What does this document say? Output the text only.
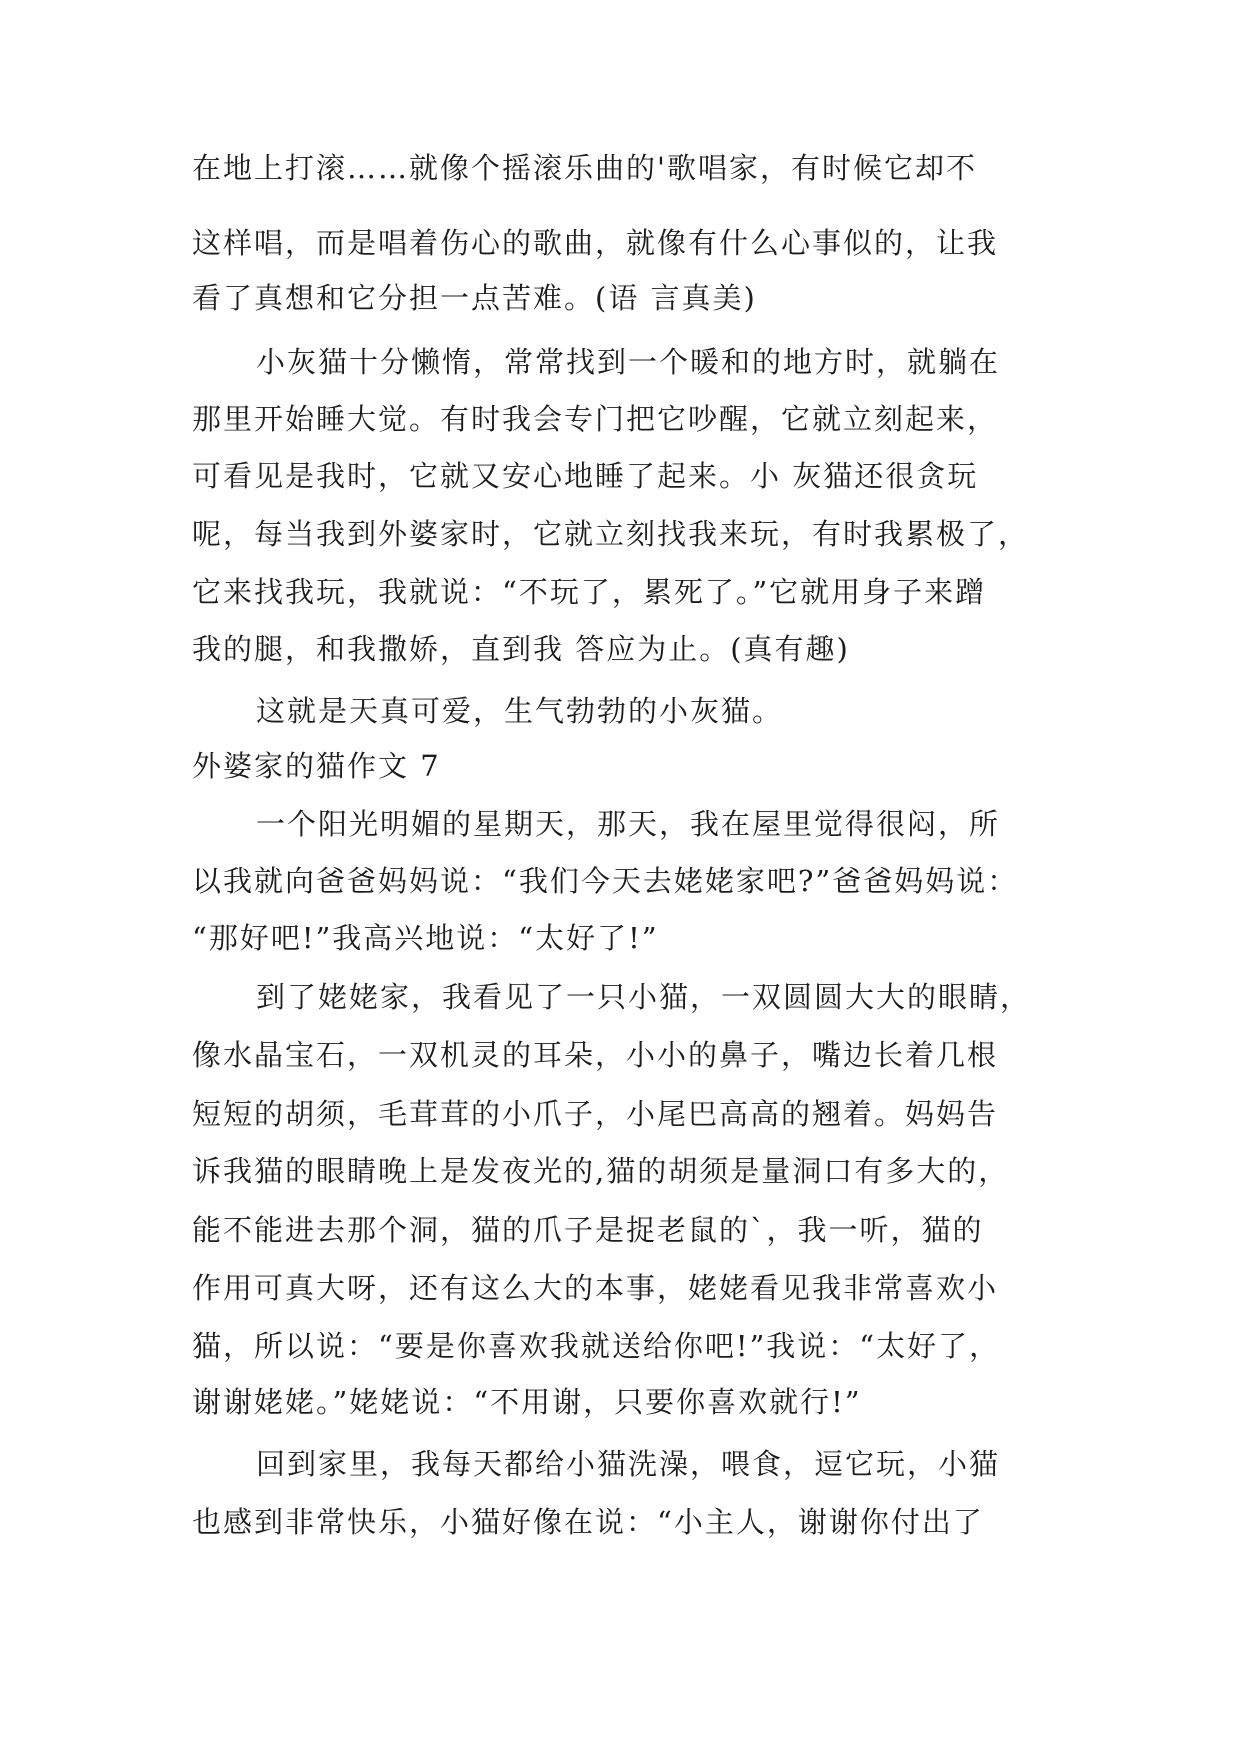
在地上打滚……就像个摇滚乐曲的'歌唱家，有时候它却不
这样唱，而是唱着伤心的歌曲，就像有什么心事似的，让我
看了真想和它分担一点苦难。(语 言真美)
小灰猫十分懒惰，常常找到一个暖和的地方时，就躺在
那里开始睡大觉。有时我会专门把它吵醒，它就立刻起来，
可看见是我时，它就又安心地睡了起来。小 灰猫还很贪玩
呢，每当我到外婆家时，它就立刻找我来玩，有时我累极了，
它来找我玩，我就说：“不玩了，累死了。”它就用身子来蹭
我的腿，和我撒娇，直到我 答应为止。(真有趣)
这就是天真可爱，生气勃勃的小灰猫。
外婆家的猫作文 7
一个阳光明媚的星期天，那天，我在屋里觉得很闷，所
以我就向爸爸妈妈说：“我们今天去姥姥家吧?”爸爸妈妈说：
“那好吧!”我高兴地说：“太好了!”
到了姥姥家，我看见了一只小猫，一双圆圆大大的眼睛，
像水晶宝石，一双机灵的耳朵，小小的鼻子，嘴边长着几根
短短的胡须，毛茸茸的小爪子，小尾巴高高的翘着。妈妈告
诉我猫的眼睛晚上是发夜光的,猫的胡须是量洞口有多大的，
能不能进去那个洞，猫的爪子是捉老鼠的`，我一听，猫的
作用可真大呀，还有这么大的本事，姥姥看见我非常喜欢小
猫，所以说：“要是你喜欢我就送给你吧!”我说：“太好了，
谢谢姥姥。”姥姥说：“不用谢，只要你喜欢就行!”
回到家里，我每天都给小猫洗澡，喂食，逗它玩，小猫
也感到非常快乐，小猫好像在说：“小主人，谢谢你付出了
